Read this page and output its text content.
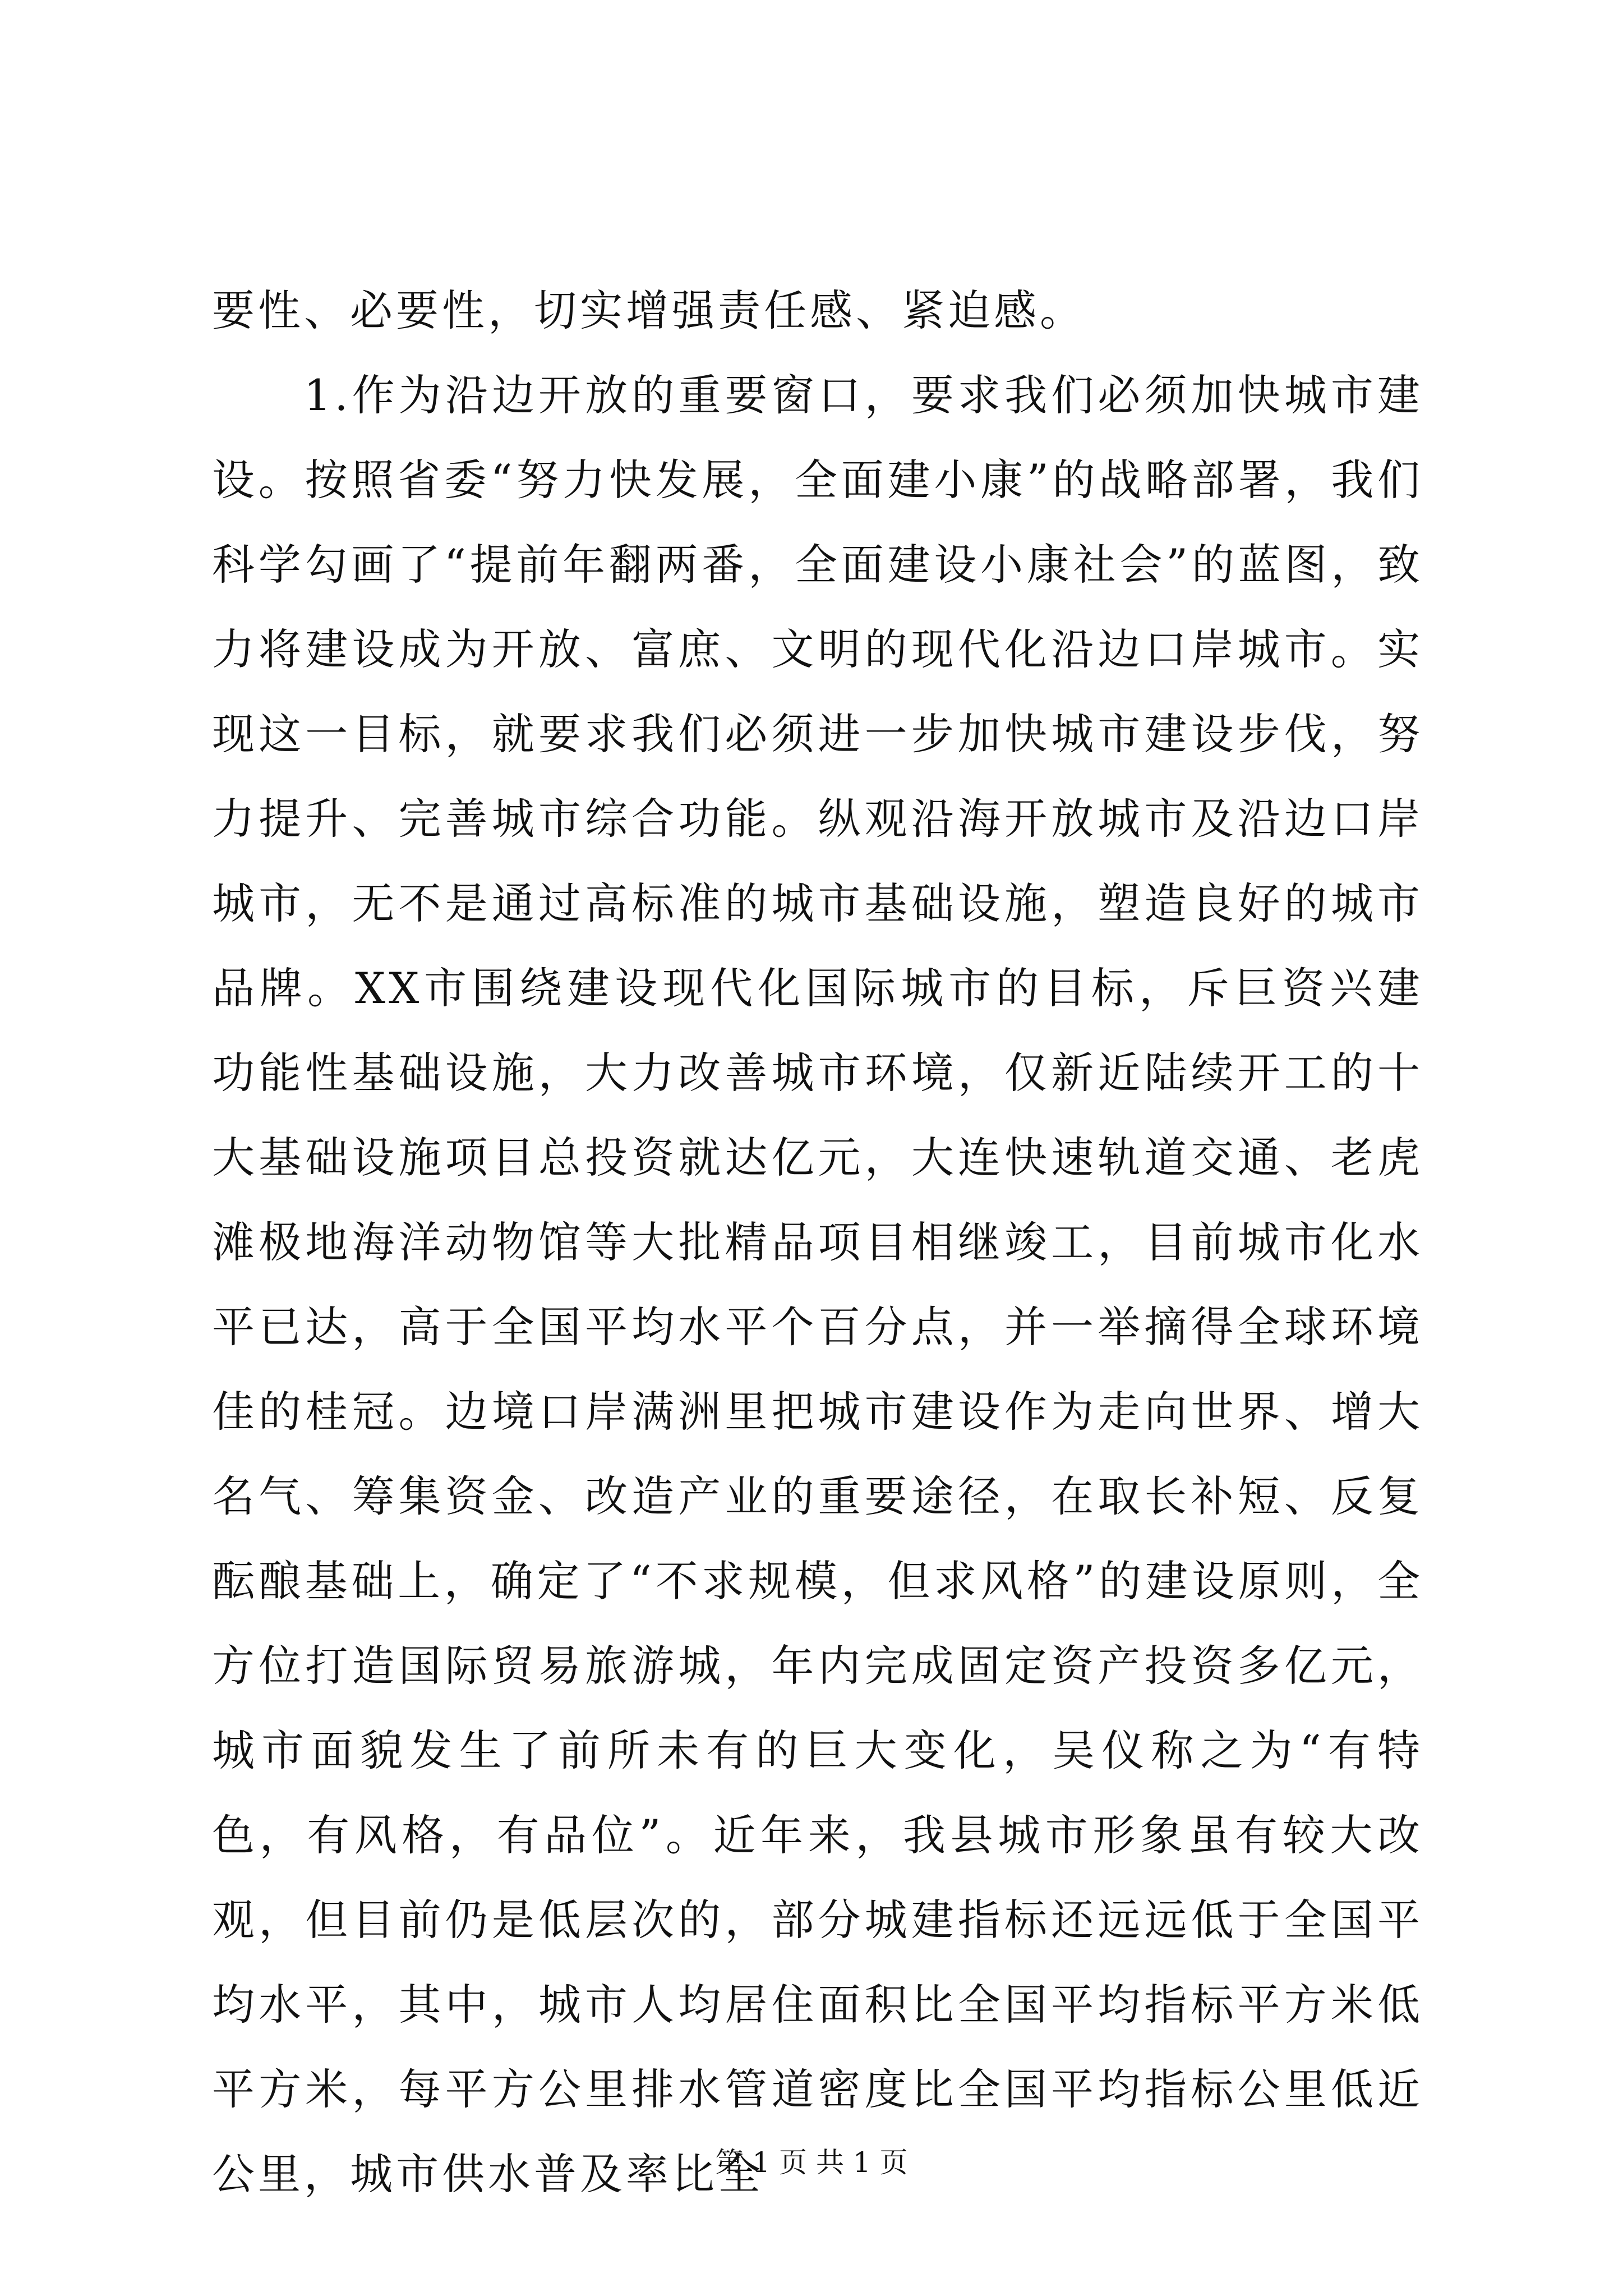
要性、必要性，切实增强责任感、紧迫感。

1.作为沿边开放的重要窗口，要求我们必须加快城市建设。按照省委“努力快发展，全面建小康”的战略部署，我们科学勾画了“提前年翻两番，全面建设小康社会”的蓝图，致力将建设成为开放、富庶、文明的现代化沿边口岸城市。实现这一目标，就要求我们必须进一步加快城市建设步伐，努力提升、完善城市综合功能。纵观沿海开放城市及沿边口岸城市，无不是通过高标准的城市基础设施，塑造良好的城市品牌。XX市围绕建设现代化国际城市的目标，斥巨资兴建功能性基础设施，大力改善城市环境，仅新近陆续开工的十大基础设施项目总投资就达亿元，大连快速轨道交通、老虎滩极地海洋动物馆等大批精品项目相继竣工，目前城市化水平已达，高于全国平均水平个百分点，并一举摘得全球环境佳的桂冠。边境口岸满洲里把城市建设作为走向世界、增大名气、筹集资金、改造产业的重要途径，在取长补短、反复酝酿基础上，确定了“不求规模，但求风格”的建设原则，全方位打造国际贸易旅游城，年内完成固定资产投资多亿元，城市面貌发生了前所未有的巨大变化，吴仪称之为“有特色，有风格，有品位”。近年来，我县城市形象虽有较大改观，但目前仍是低层次的，部分城建指标还远远低于全国平均水平，其中，城市人均居住面积比全国平均指标平方米低平方米，每平方公里排水管道密度比全国平均指标公里低近公里，城市供水普及率比全

第 1 页 共 1 页
